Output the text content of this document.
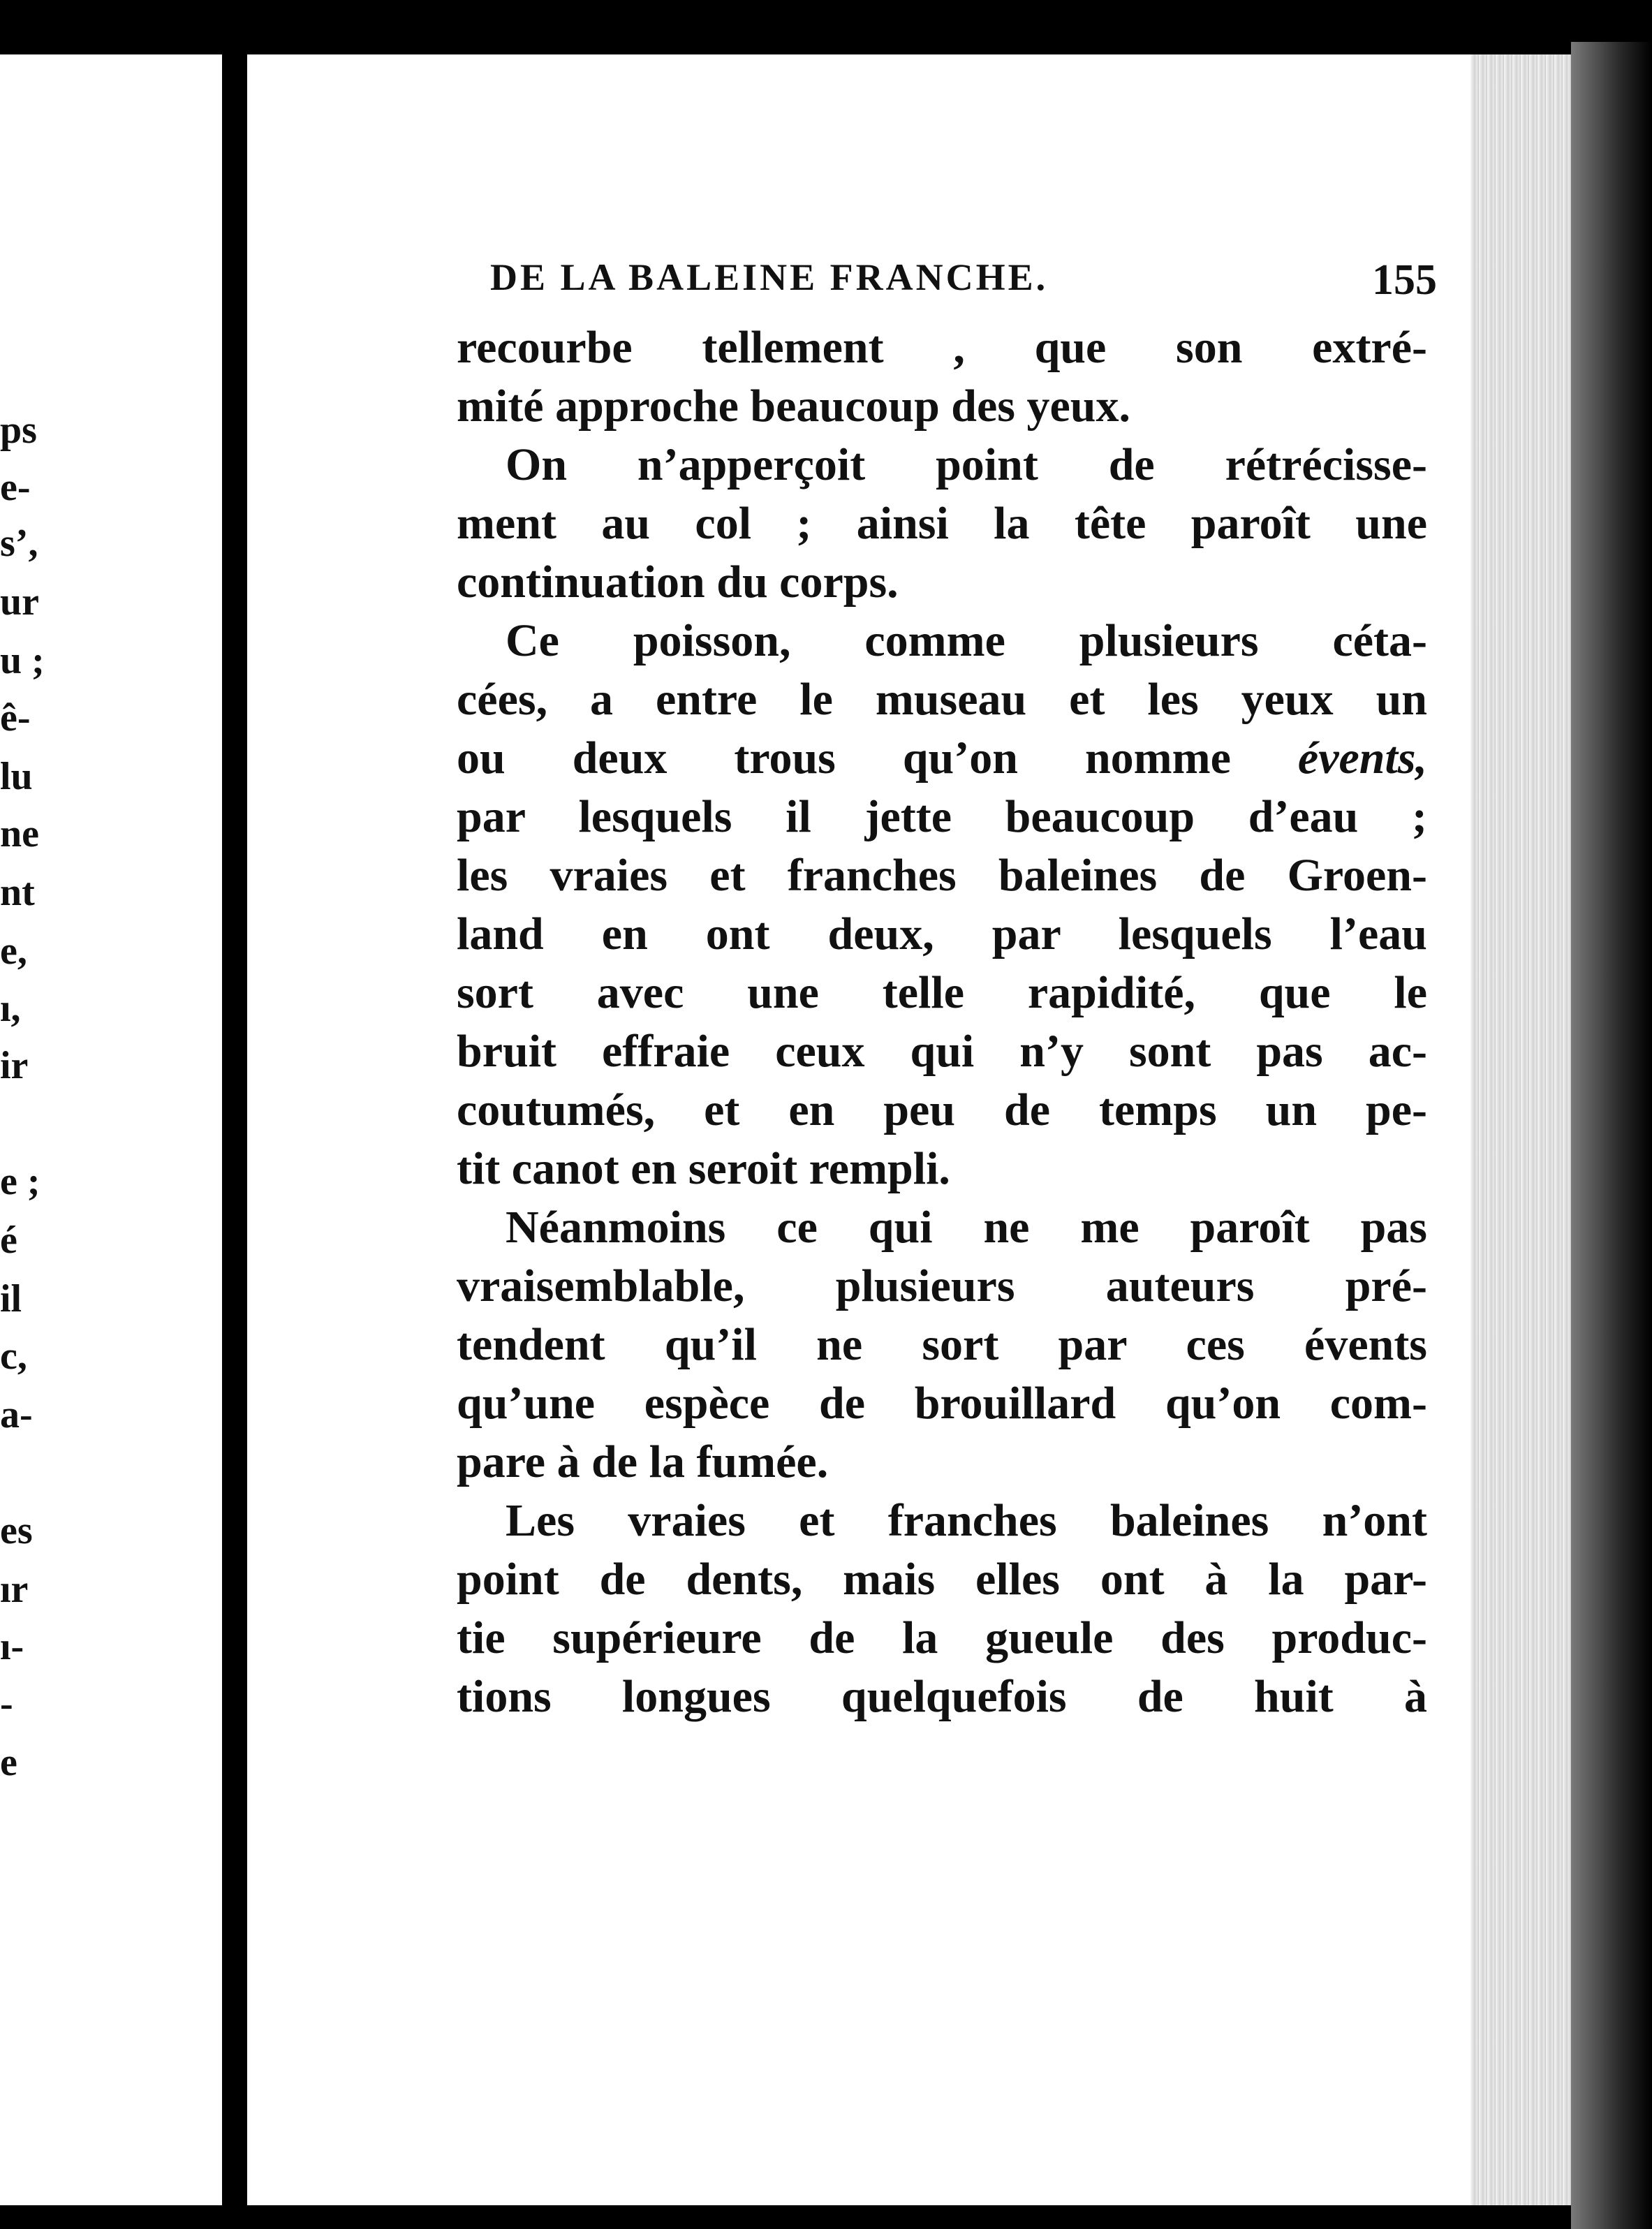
ps
e-
s’,
ur
u ;
ê-
lu
ne
nt
e,
ı,
ir
e ;
é
il
c,
a-
es
ır
ı-
-
e
DE LA BALEINE FRANCHE.	155
recourbe tellement , que son extré-
mité approche beaucoup des yeux.
On n’apperçoit point de rétrécisse-
ment au col ; ainsi la tête paroît une
continuation du corps.
Ce poisson, comme plusieurs céta-
cées, a entre le museau et les yeux un
ou deux trous qu’on nomme évents,
par lesquels il jette beaucoup d’eau ;
les vraies et franches baleines de Groen-
land en ont deux, par lesquels l’eau
sort avec une telle rapidité, que le
bruit effraie ceux qui n’y sont pas ac-
coutumés, et en peu de temps un pe-
tit canot en seroit rempli.
Néanmoins ce qui ne me paroît pas
vraisemblable, plusieurs auteurs pré-
tendent qu’il ne sort par ces évents
qu’une espèce de brouillard qu’on com-
pare à de la fumée.
Les vraies et franches baleines n’ont
point de dents, mais elles ont à la par-
tie supérieure de la gueule des produc-
tions longues quelquefois de huit à
